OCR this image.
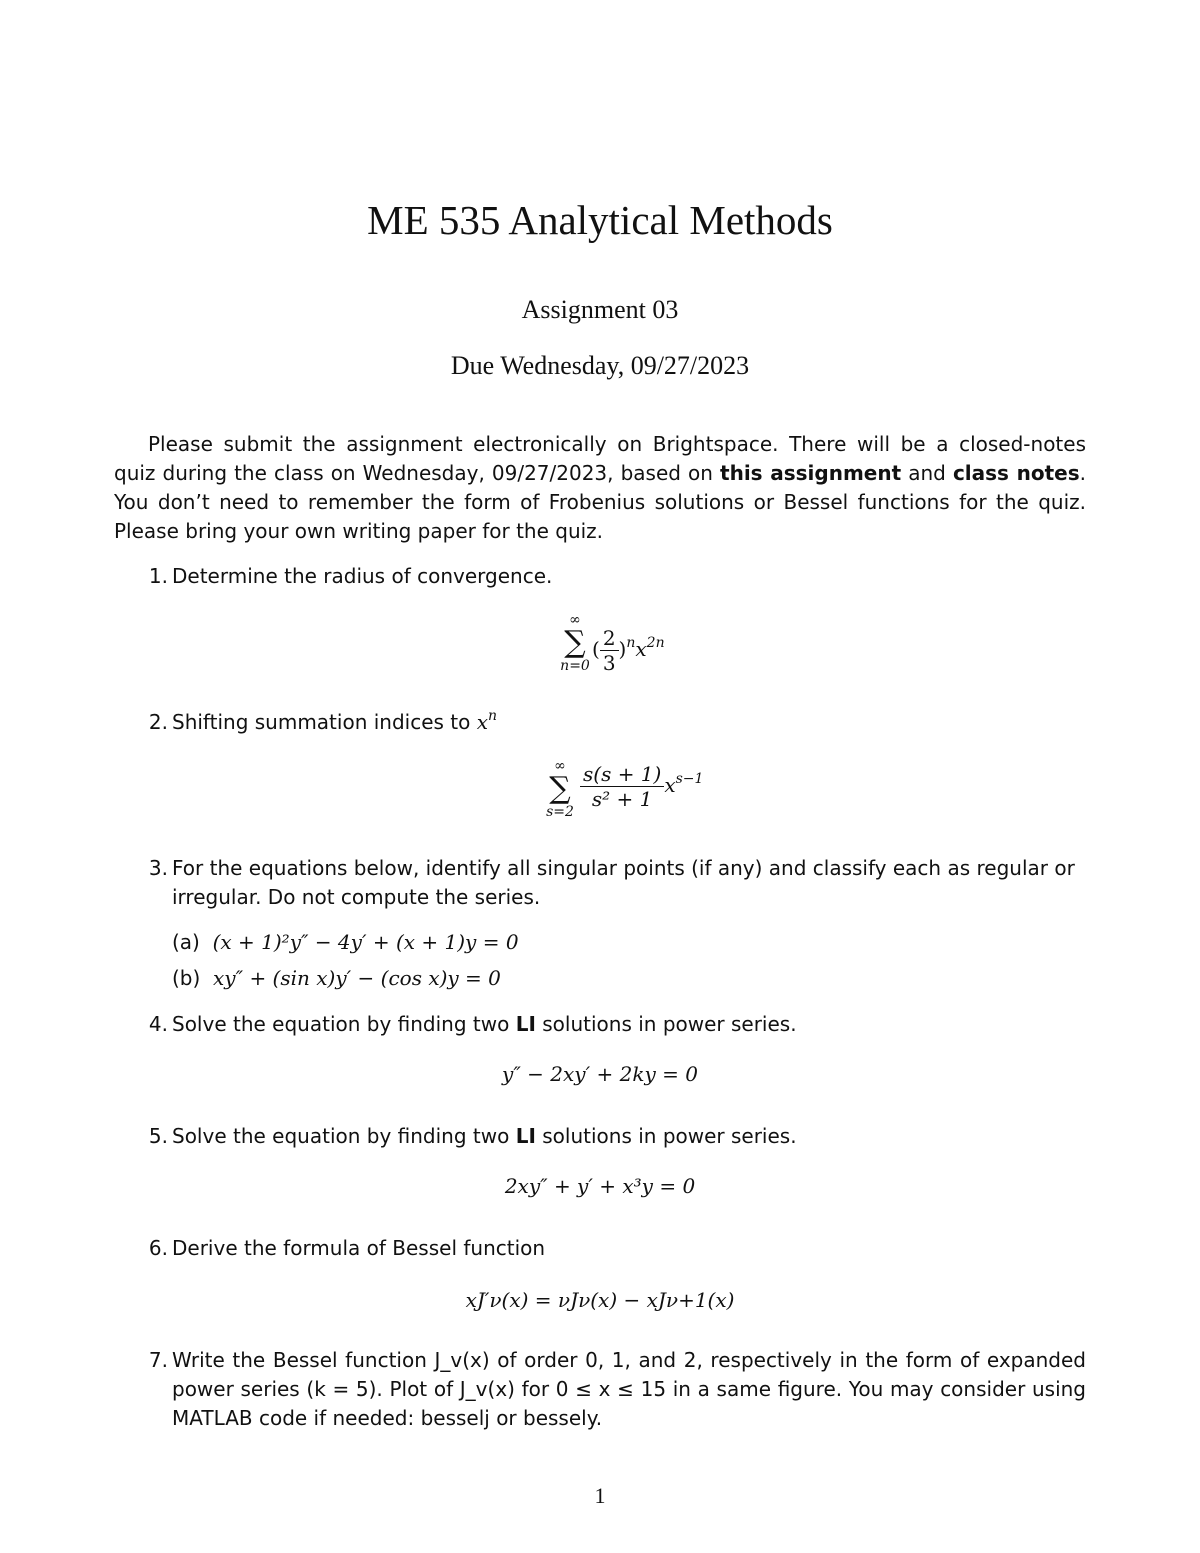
ME 535 Analytical Methods
Assignment 03
Due Wednesday, 09/27/2023
Please submit the assignment electronically on Brightspace. There will be a closed-notes quiz during the class on Wednesday, 09/27/2023, based on this assignment and class notes. You don’t need to remember the form of Frobenius solutions or Bessel functions for the quiz. Please bring your own writing paper for the quiz.
1. Determine the radius of convergence.
∞
∑
n=0
( $\frac{2}{3} )^nx^{2n}$
2. Shifting summation indices to $x^n$
∞
∑
s=2
$\frac{s(s + 1)}{\text{s² + 1}} x^{s-1}$
3. For the equations below, identify all singular points (if any) and classify each as regular or irregular. Do not compute the series.
(a) (x + 1)²y″ − 4y′ + (x + 1)y = 0
(b) xy″ + (sin x)y′ − (cos x)y = 0
4. Solve the equation by finding two LI solutions in power series.
y″ − 2xy′ + 2ky = 0
5. Solve the equation by finding two LI solutions in power series.
2xy″ + y′ + x³y = 0
6. Derive the formula of Bessel function
xJ′ν(x) = νJν(x) − xJν+1(x)
7. Write the Bessel function J_v(x) of order 0, 1, and 2, respectively in the form of expanded power series (k = 5). Plot of J_v(x) for 0 ≤ x ≤ 15 in a same figure. You may consider using MATLAB code if needed: besselj or bessely.
1
